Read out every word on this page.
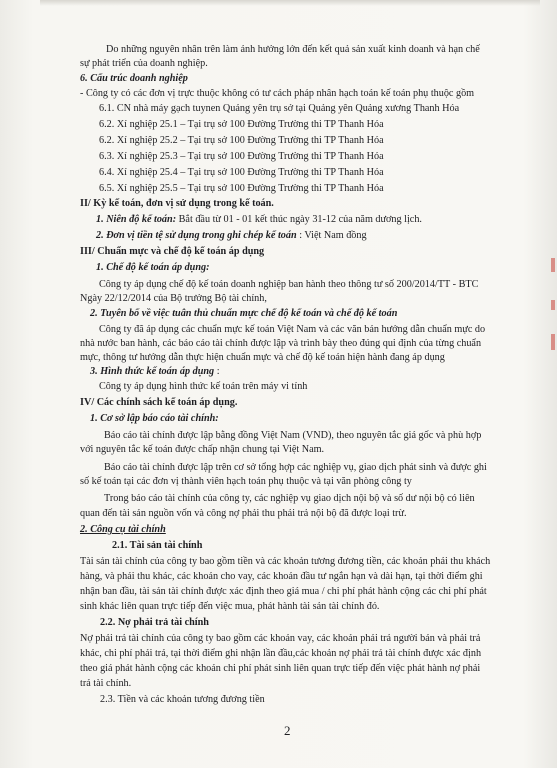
Do những nguyên nhân trên làm ảnh hưởng lớn đến kết quả sản xuất kinh doanh và hạn chế
sự phát triển của doanh nghiệp.
6. Cấu trúc doanh nghiệp
- Công ty có các đơn vị trực thuộc không có tư cách pháp nhân hạch toán kế toán phụ thuộc gồm
6.1. CN nhà máy gạch tuynen Quảng yên trụ sở tại Quảng yên Quảng xương Thanh Hóa
6.2. Xí nghiệp 25.1 – Tại trụ sở 100 Đường Trường thi TP Thanh Hóa
6.2. Xí nghiệp 25.2 – Tại trụ sở 100 Đường Trường thi TP Thanh Hóa
6.3. Xí nghiệp 25.3 – Tại trụ sở 100 Đường Trường thi TP Thanh Hóa
6.4. Xí nghiệp 25.4 – Tại trụ sở 100 Đường Trường thi TP Thanh Hóa
6.5. Xí nghiệp 25.5 – Tại trụ sở 100 Đường Trường thi TP Thanh Hóa
II/ Kỳ kế toán, đơn vị sử dụng trong kế toán.
1. Niên độ kế toán: Bắt đầu từ 01 - 01 kết thúc ngày 31-12 của năm dương lịch.
2. Đơn vị tiền tệ sử dụng trong ghi chép kế toán : Việt Nam đồng
III/ Chuẩn mực và chế độ kế toán áp dụng
1. Chế độ kế toán áp dụng:
Công ty áp dụng chế độ kế toán doanh nghiệp ban hành theo thông tư số 200/2014/TT - BTC
Ngày 22/12/2014 của Bộ trưởng Bộ tài chính,
2. Tuyên bố về việc tuân thủ chuẩn mực chế độ kế toán và chế độ kế toán
Công ty đã áp dụng các chuẩn mực kế toán Việt Nam và các văn bản hướng dẫn chuẩn mực do
nhà nước ban hành, các báo cáo tài chính được lập và trình bày theo đúng qui định của từng chuẩn
mực, thông tư hướng dẫn thực hiện chuẩn mực và chế độ kế toán hiện hành đang áp dụng
3. Hình thức kế toán áp dụng :
Công ty áp dụng hình thức kế toán trên máy vi tính
IV/ Các chính sách kế toán áp dụng.
1. Cơ sở lập báo cáo tài chính:
Báo cáo tài chính được lập bằng đồng Việt Nam (VND), theo nguyên tắc giá gốc và phù hợp
với nguyên tắc kế toán được chấp nhận chung tại Việt Nam.
Báo cáo tài chính được lập trên cơ sở tổng hợp các nghiệp vụ, giao dịch phát sinh và được ghi
số kế toán tại các đơn vị thành viên hạch toán phụ thuộc và tại văn phòng công ty
Trong báo cáo tài chính của công ty, các nghiệp vụ giao dịch nội bộ và số dư nội bộ có liên
quan đến tài sản nguồn vốn và công nợ phải thu phải trả nội bộ đã được loại trừ.
2. Công cụ tài chính
2.1. Tài sản tài chính
Tài sản tài chính của công ty bao gồm tiền và các khoản tương đương tiền, các khoản phải thu khách
hàng, và phải thu khác, các khoản cho vay, các khoản đầu tư ngắn hạn và dài hạn, tại thời điểm ghi
nhận ban đầu, tài sản tài chính được xác định theo giá mua / chi phí phát hành cộng các chi phí phát
sinh khác liên quan trực tiếp đến việc mua, phát hành tài sản tài chính đó.
2.2. Nợ phải trả tài chính
Nợ phải trả tài chính của công ty bao gồm các khoản vay, các khoản phải trả người bán và phải trả
khác, chi phí phải trả, tại thời điểm ghi nhận lần đầu,các khoản nợ phải trả tài chính được xác định
theo giá phát hành cộng các khoản chi phí phát sinh liên quan trực tiếp đến việc phát hành nợ phải
trả tài chính.
2.3. Tiền và các khoản tương đương tiền
2
